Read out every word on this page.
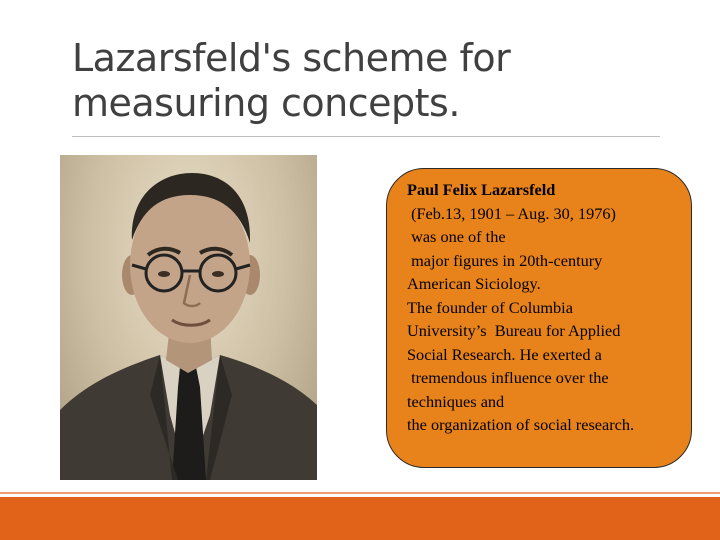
Lazarsfeld's scheme for
measuring concepts.
Paul Felix Lazarsfeld
(Feb.13, 1901 – Aug. 30, 1976)
was one of the
major figures in 20th-century
American Siciology.
The founder of Columbia
University’s  Bureau for Applied
Social Research. He exerted a
tremendous influence over the
techniques and
the organization of social research.
